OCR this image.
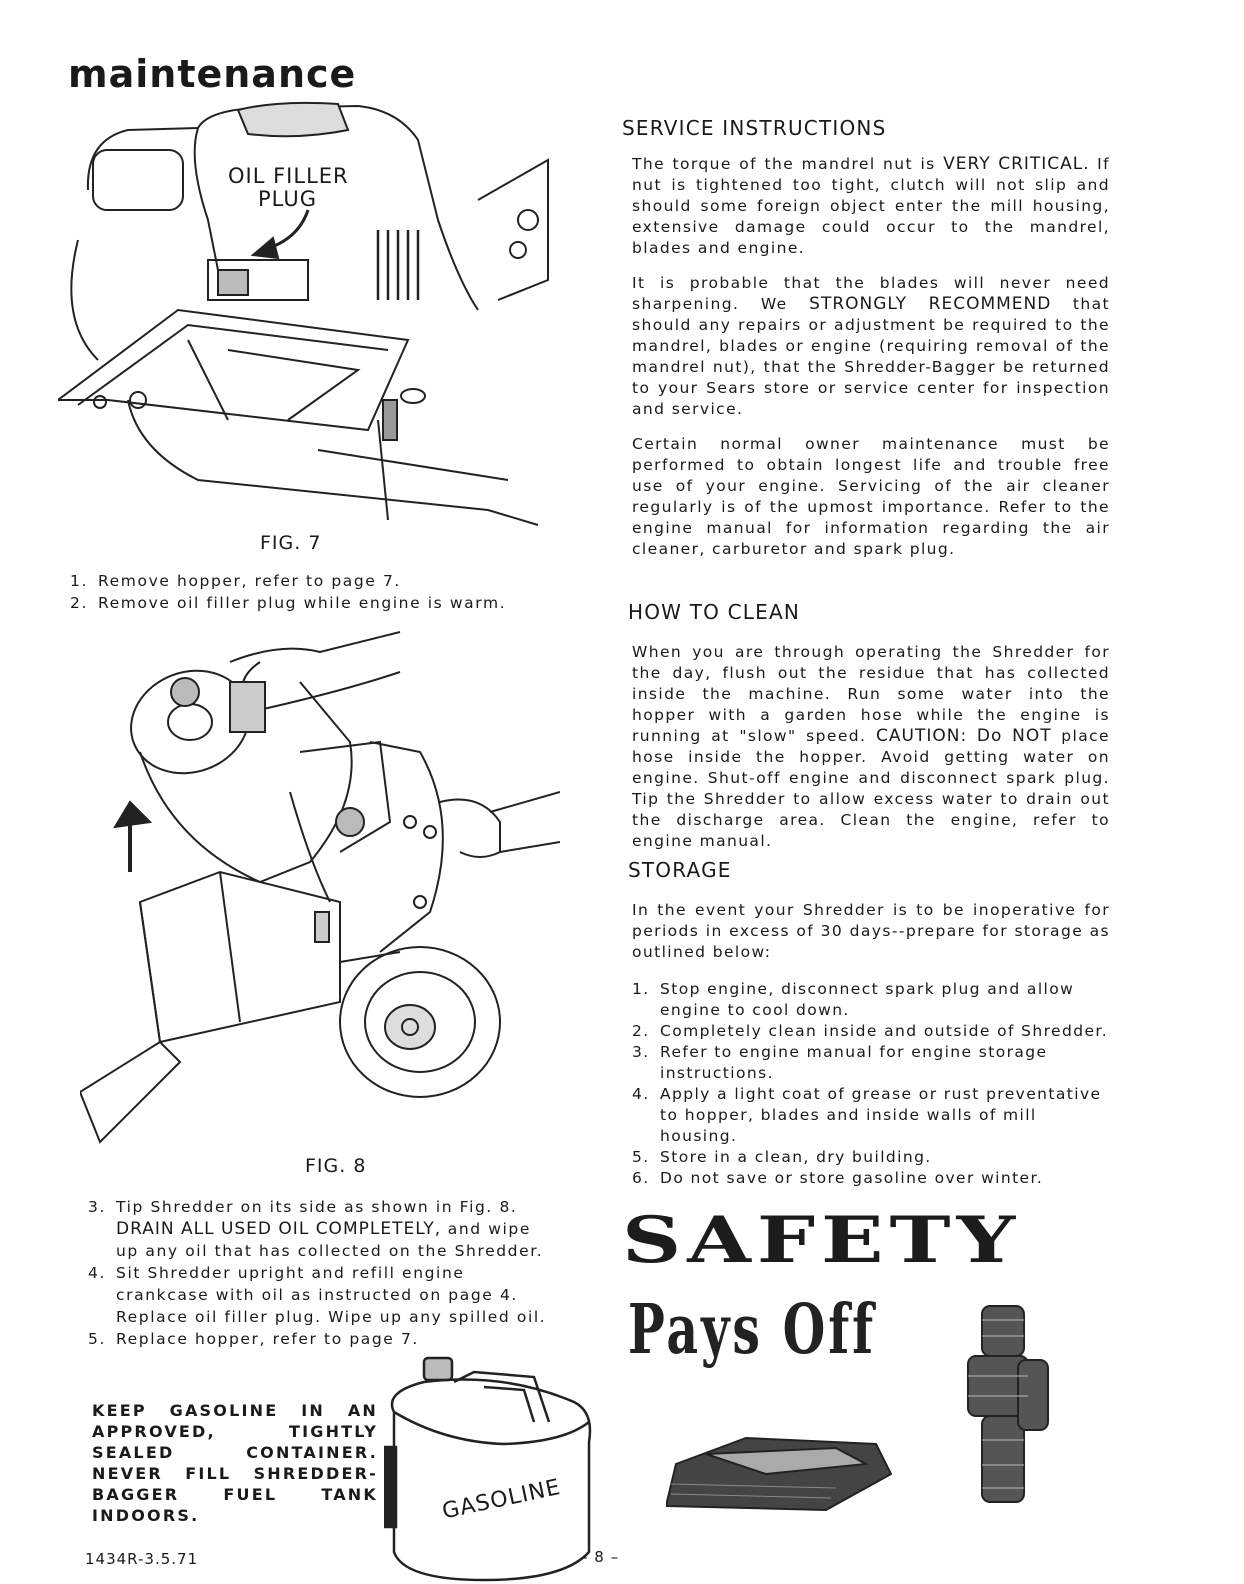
maintenance
OIL FILLER
PLUG
FIG. 7
1. Remove hopper, refer to page 7.
2. Remove oil filler plug while engine is warm.
FIG. 8
3. Tip Shredder on its side as shown in Fig. 8. DRAIN ALL USED OIL COMPLETELY, and wipe up any oil that has collected on the Shredder.
4. Sit Shredder upright and refill engine crankcase with oil as instructed on page 4. Replace oil filler plug. Wipe up any spilled oil.
5. Replace hopper, refer to page 7.
KEEP GASOLINE IN AN APPROVED, TIGHTLY SEALED CONTAINER. NEVER FILL SHREDDER-BAGGER FUEL TANK INDOORS.	GASOLINE
SERVICE INSTRUCTIONS

The torque of the mandrel nut is VERY CRITICAL. If nut is tightened too tight, clutch will not slip and should some foreign object enter the mill housing, extensive damage could occur to the mandrel, blades and engine.

It is probable that the blades will never need sharpening. We STRONGLY RECOMMEND that should any repairs or adjustment be required to the mandrel, blades or engine (requiring removal of the mandrel nut), that the Shredder-Bagger be returned to your Sears store or service center for inspection and service.

Certain normal owner maintenance must be performed to obtain longest life and trouble free use of your engine. Servicing of the air cleaner regularly is of the upmost importance. Refer to the engine manual for information regarding the air cleaner, carburetor and spark plug.

HOW TO CLEAN

When you are through operating the Shredder for the day, flush out the residue that has collected inside the machine. Run some water into the hopper with a garden hose while the engine is running at "slow" speed. CAUTION: Do NOT place hose inside the hopper. Avoid getting water on engine. Shut-off engine and disconnect spark plug. Tip the Shredder to allow excess water to drain out the discharge area. Clean the engine, refer to engine manual.

STORAGE

In the event your Shredder is to be inoperative for periods in excess of 30 days--prepare for storage as outlined below:

1. Stop engine, disconnect spark plug and allow engine to cool down.
2. Completely clean inside and outside of Shredder.
3. Refer to engine manual for engine storage instructions.
4. Apply a light coat of grease or rust preventative to hopper, blades and inside walls of mill housing.
5. Store in a clean, dry building.
6. Do not save or store gasoline over winter.
SAFETY
Pays Off
1434R-3.5.71	– 8 –
